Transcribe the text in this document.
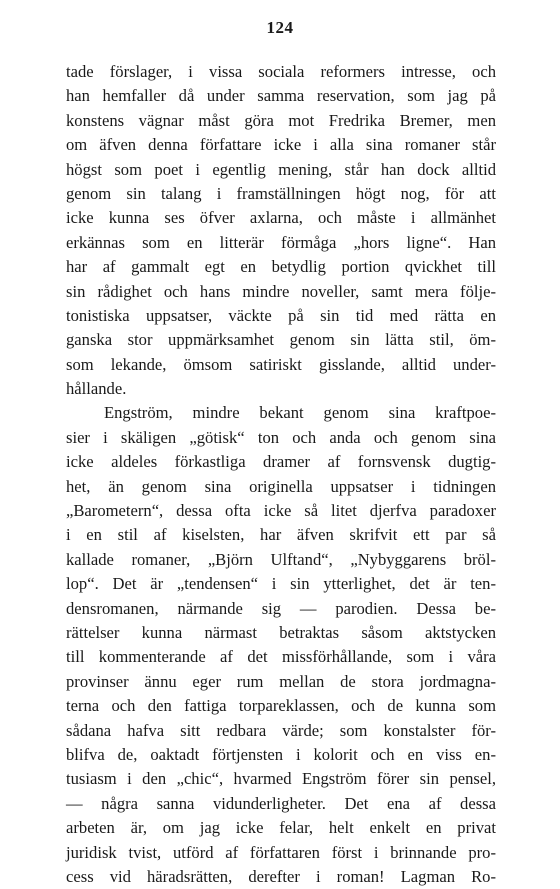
124
tade förslager, i vissa sociala reformers intresse, och
han hemfaller då under samma reservation, som jag på
konstens vägnar måst göra mot Fredrika Bremer, men
om äfven denna författare icke i alla sina romaner står
högst som poet i egentlig mening, står han dock alltid
genom sin talang i framställningen högt nog, för att
icke kunna ses öfver axlarna, och måste i allmänhet
erkännas som en litterär förmåga „hors ligne“. Han
har af gammalt egt en betydlig portion qvickhet till
sin rådighet och hans mindre noveller, samt mera följe-
tonistiska uppsatser, väckte på sin tid med rätta en
ganska stor uppmärksamhet genom sin lätta stil, öm-
som lekande, ömsom satiriskt gisslande, alltid under-
hållande.
Engström, mindre bekant genom sina kraftpoe-
sier i skäligen „götisk“ ton och anda och genom sina
icke aldeles förkastliga dramer af fornsvensk dugtig-
het, än genom sina originella uppsatser i tidningen
„Barometern“, dessa ofta icke så litet djerfva paradoxer
i en stil af kiselsten, har äfven skrifvit ett par så
kallade romaner, „Björn Ulftand“, „Nybyggarens bröl-
lop“. Det är „tendensen“ i sin ytterlighet, det är ten-
densromanen, närmande sig — parodien. Dessa be-
rättelser kunna närmast betraktas såsom aktstycken
till kommenterande af det missförhållande, som i våra
provinser ännu eger rum mellan de stora jordmagna-
terna och den fattiga torpareklassen, och de kunna som
sådana hafva sitt redbara värde; som konstalster för-
blifva de, oaktadt förtjensten i kolorit och en viss en-
tusiasm i den „chic“, hvarmed Engström förer sin pensel,
— några sanna vidunderligheter. Det ena af dessa
arbeten är, om jag icke felar, helt enkelt en privat
juridisk tvist, utförd af författaren först i brinnande pro-
cess vid häradsrätten, derefter i roman! Lagman Ro-
